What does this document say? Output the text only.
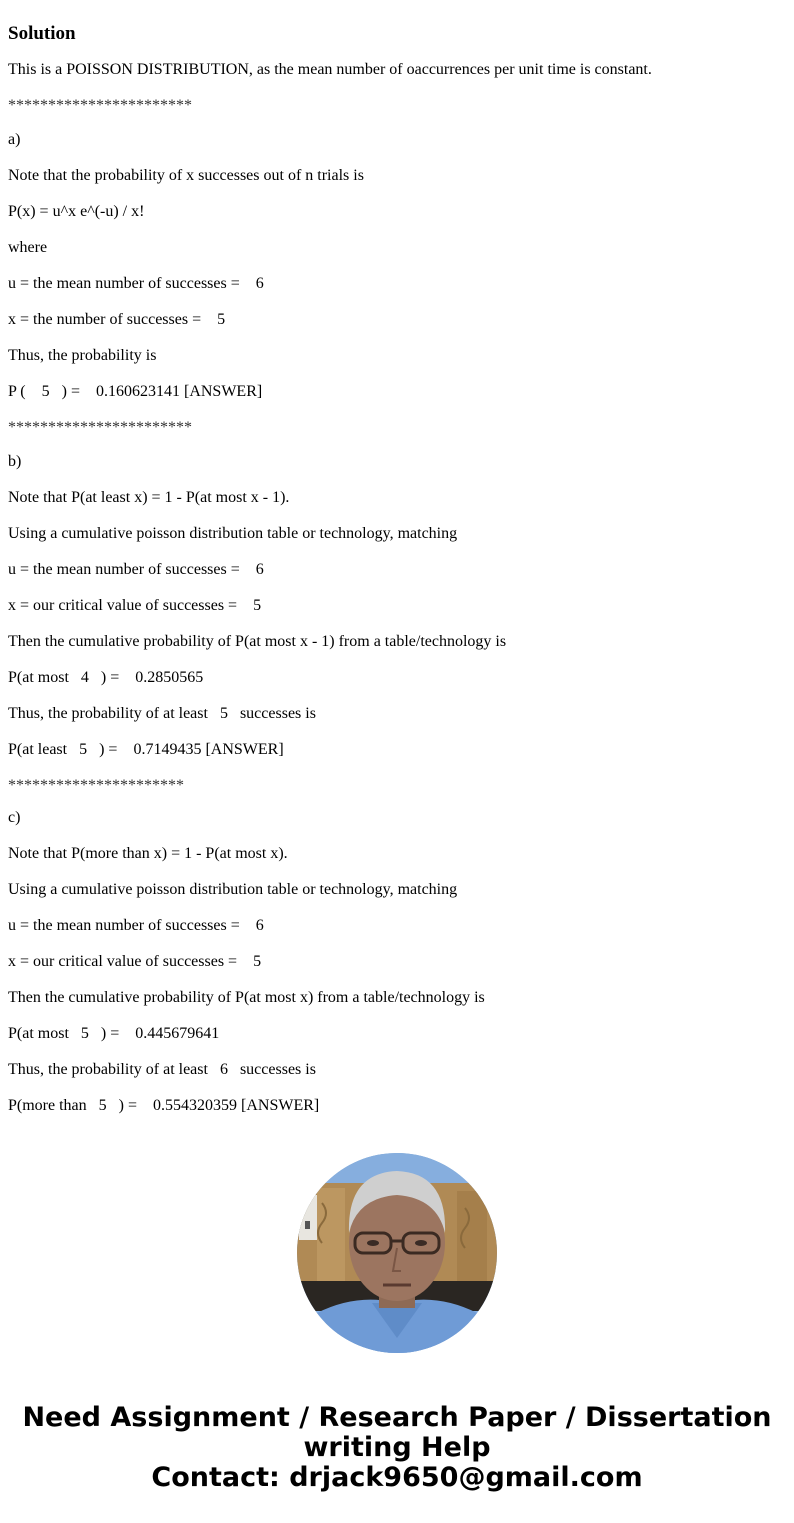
Solution
This is a POISSON DISTRIBUTION, as the mean number of oaccurrences per unit time is constant.
***********************
a)
Note that the probability of x successes out of n trials is
P(x) = u^x e^(-u) / x!
where
u = the mean number of successes =    6
x = the number of successes =    5
Thus, the probability is
P (    5   ) =    0.160623141 [ANSWER]
***********************
b)
Note that P(at least x) = 1 - P(at most x - 1).
Using a cumulative poisson distribution table or technology, matching
u = the mean number of successes =    6
x = our critical value of successes =    5
Then the cumulative probability of P(at most x - 1) from a table/technology is
P(at most   4   ) =    0.2850565
Thus, the probability of at least   5   successes is
P(at least   5   ) =    0.7149435 [ANSWER]
**********************
c)
Note that P(more than x) = 1 - P(at most x).
Using a cumulative poisson distribution table or technology, matching
u = the mean number of successes =    6
x = our critical value of successes =    5
Then the cumulative probability of P(at most x) from a table/technology is
P(at most   5   ) =    0.445679641
Thus, the probability of at least   6   successes is
P(more than   5   ) =    0.554320359 [ANSWER]
Need Assignment / Research Paper / Dissertation
writing Help
Contact: drjack9650@gmail.com
